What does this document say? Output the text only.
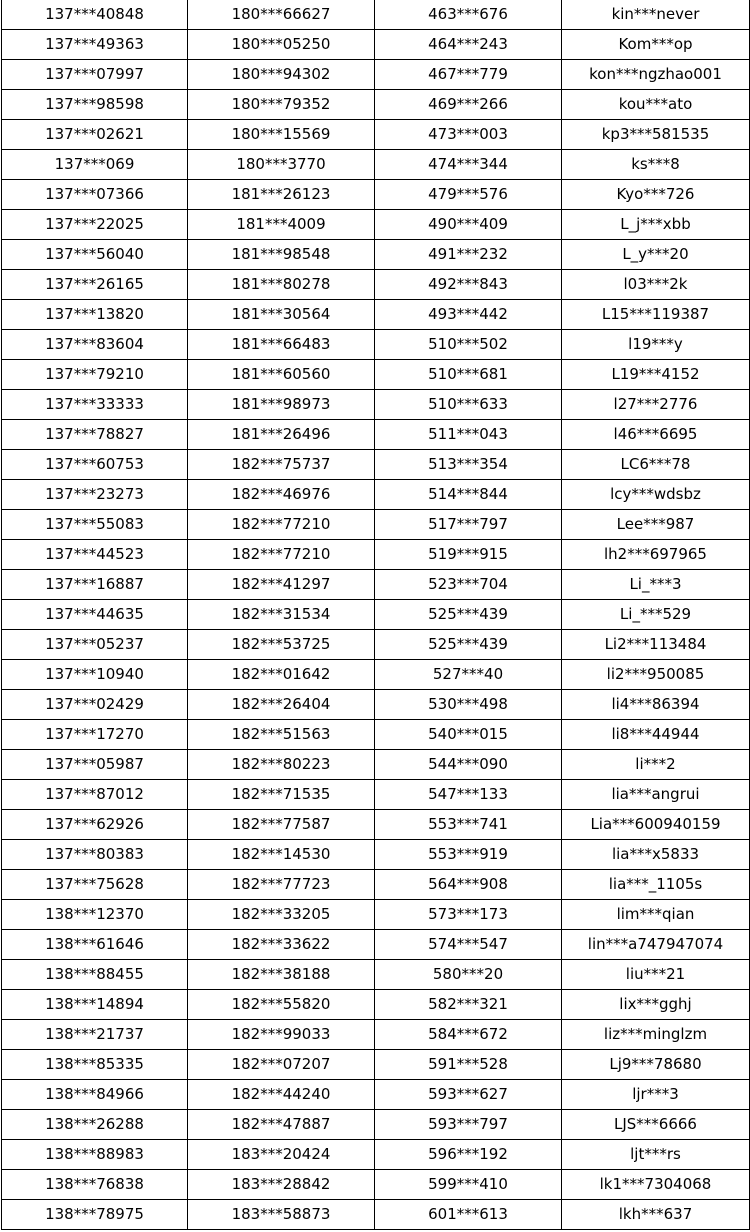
137***40848	180***66627	463***676	kin***never
137***49363	180***05250	464***243	Kom***op
137***07997	180***94302	467***779	kon***ngzhao001
137***98598	180***79352	469***266	kou***ato
137***02621	180***15569	473***003	kp3***581535
137***069	180***3770	474***344	ks***8
137***07366	181***26123	479***576	Kyo***726
137***22025	181***4009	490***409	L_j***xbb
137***56040	181***98548	491***232	L_y***20
137***26165	181***80278	492***843	l03***2k
137***13820	181***30564	493***442	L15***119387
137***83604	181***66483	510***502	l19***y
137***79210	181***60560	510***681	L19***4152
137***33333	181***98973	510***633	l27***2776
137***78827	181***26496	511***043	l46***6695
137***60753	182***75737	513***354	LC6***78
137***23273	182***46976	514***844	lcy***wdsbz
137***55083	182***77210	517***797	Lee***987
137***44523	182***77210	519***915	lh2***697965
137***16887	182***41297	523***704	Li_***3
137***44635	182***31534	525***439	Li_***529
137***05237	182***53725	525***439	Li2***113484
137***10940	182***01642	527***40	li2***950085
137***02429	182***26404	530***498	li4***86394
137***17270	182***51563	540***015	li8***44944
137***05987	182***80223	544***090	li***2
137***87012	182***71535	547***133	lia***angrui
137***62926	182***77587	553***741	Lia***600940159
137***80383	182***14530	553***919	lia***x5833
137***75628	182***77723	564***908	lia***_1105s
138***12370	182***33205	573***173	lim***qian
138***61646	182***33622	574***547	lin***a747947074
138***88455	182***38188	580***20	liu***21
138***14894	182***55820	582***321	lix***gghj
138***21737	182***99033	584***672	liz***minglzm
138***85335	182***07207	591***528	Lj9***78680
138***84966	182***44240	593***627	ljr***3
138***26288	182***47887	593***797	LJS***6666
138***88983	183***20424	596***192	ljt***rs
138***76838	183***28842	599***410	lk1***7304068
138***78975	183***58873	601***613	lkh***637
